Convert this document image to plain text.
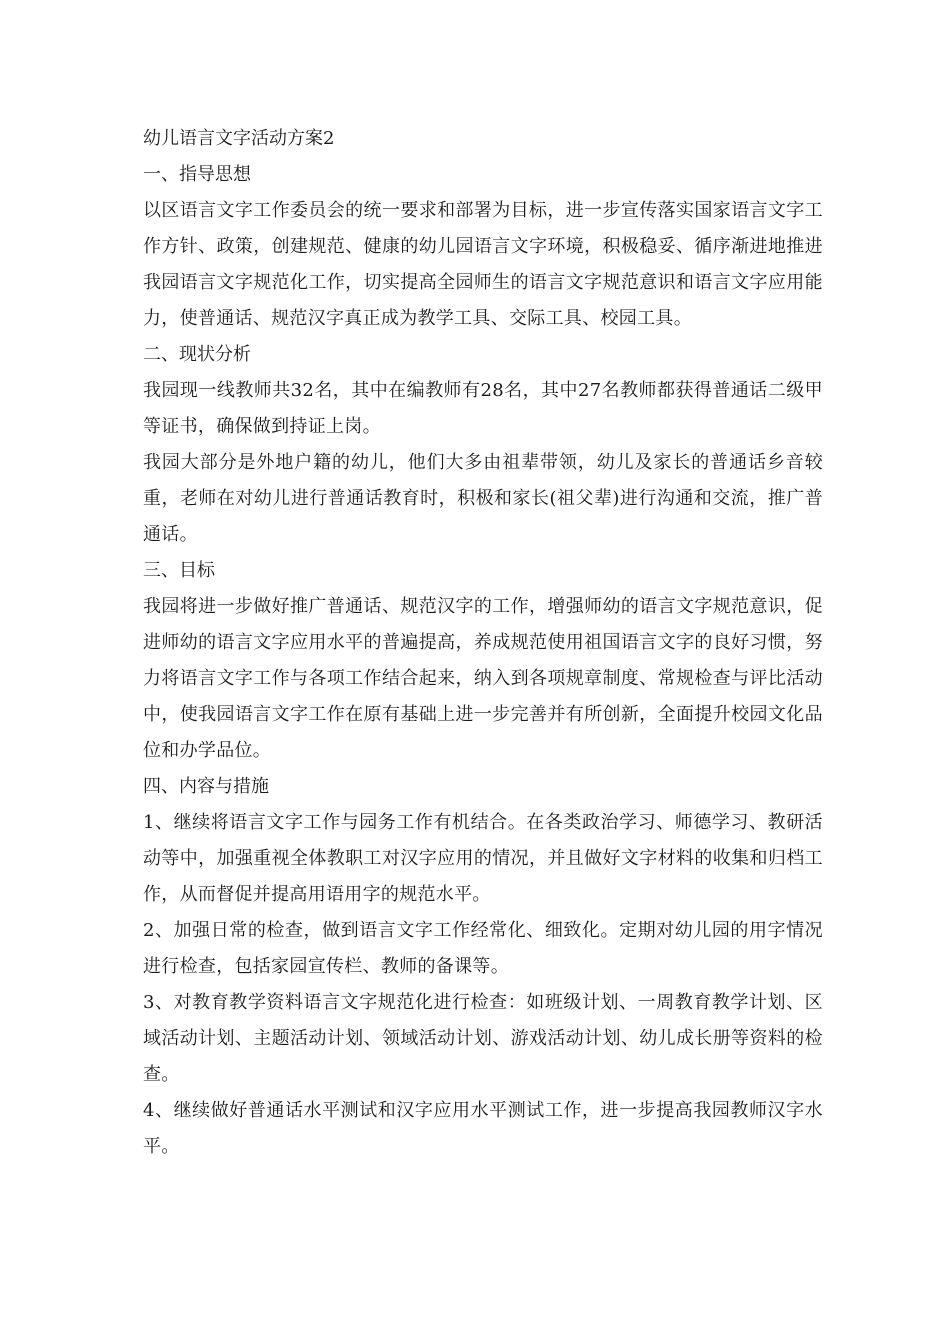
幼儿语言文字活动方案2

一、指导思想

以区语言文字工作委员会的统一要求和部署为目标，进一步宣传落实国家语言文字工作方针、政策，创建规范、健康的幼儿园语言文字环境，积极稳妥、循序渐进地推进我园语言文字规范化工作，切实提高全园师生的语言文字规范意识和语言文字应用能力，使普通话、规范汉字真正成为教学工具、交际工具、校园工具。

二、现状分析

我园现一线教师共32名，其中在编教师有28名，其中27名教师都获得普通话二级甲等证书，确保做到持证上岗。

我园大部分是外地户籍的幼儿，他们大多由祖辈带领，幼儿及家长的普通话乡音较重，老师在对幼儿进行普通话教育时，积极和家长(祖父辈)进行沟通和交流，推广普通话。

三、目标

我园将进一步做好推广普通话、规范汉字的工作，增强师幼的语言文字规范意识，促进师幼的语言文字应用水平的普遍提高，养成规范使用祖国语言文字的良好习惯，努力将语言文字工作与各项工作结合起来，纳入到各项规章制度、常规检查与评比活动中，使我园语言文字工作在原有基础上进一步完善并有所创新，全面提升校园文化品位和办学品位。

四、内容与措施

1、继续将语言文字工作与园务工作有机结合。在各类政治学习、师德学习、教研活动等中，加强重视全体教职工对汉字应用的情况，并且做好文字材料的收集和归档工作，从而督促并提高用语用字的规范水平。

2、加强日常的检查，做到语言文字工作经常化、细致化。定期对幼儿园的用字情况进行检查，包括家园宣传栏、教师的备课等。

3、对教育教学资料语言文字规范化进行检查：如班级计划、一周教育教学计划、区域活动计划、主题活动计划、领域活动计划、游戏活动计划、幼儿成长册等资料的检查。

4、继续做好普通话水平测试和汉字应用水平测试工作，进一步提高我园教师汉字水平。
